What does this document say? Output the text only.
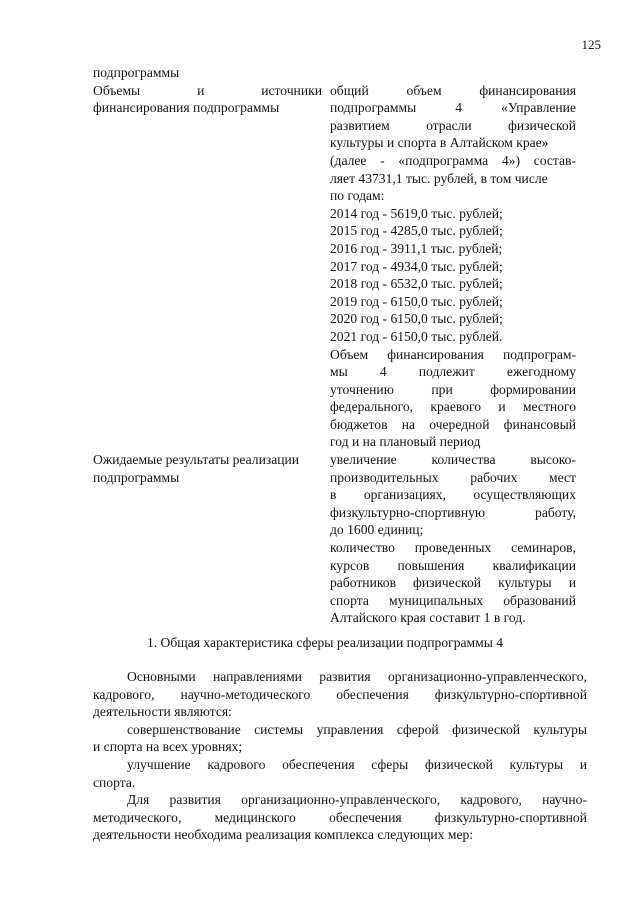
125
подпрограммы
Объемы	и	источники
финансирования подпрограммы
общий объем финансирования
подпрограммы 4 «Управление
развитием отрасли физической
культуры и спорта в Алтайском крае»
(далее - «подпрограмма 4») состав-
ляет 43731,1 тыс. рублей, в том числе
по годам:
2014 год - 5619,0 тыс. рублей;
2015 год - 4285,0 тыс. рублей;
2016 год - 3911,1 тыс. рублей;
2017 год - 4934,0 тыс. рублей;
2018 год - 6532,0 тыс. рублей;
2019 год - 6150,0 тыс. рублей;
2020 год - 6150,0 тыс. рублей;
2021 год - 6150,0 тыс. рублей.
Объем финансирования подпрограм-
мы 4 подлежит ежегодному
уточнению при формировании
федерального, краевого и местного
бюджетов на очередной финансовый
год и на плановый период
Ожидаемые результаты реализации
подпрограммы
увеличение количества высоко-
производительных рабочих мест
в организациях, осуществляющих
физкультурно-спортивную работу,
до 1600 единиц;
количество проведенных семинаров,
курсов повышения квалификации
работников физической культуры и
спорта муниципальных образований
Алтайского края составит 1 в год.
1. Общая характеристика сферы реализации подпрограммы 4
Основными направлениями развития организационно-управленческого,
кадрового, научно-методического обеспечения физкультурно-спортивной
деятельности являются:
совершенствование системы управления сферой физической культуры
и спорта на всех уровнях;
улучшение кадрового обеспечения сферы физической культуры и
спорта.
Для развития организационно-управленческого, кадрового, научно-
методического, медицинского обеспечения физкультурно-спортивной
деятельности необходима реализация комплекса следующих мер:
